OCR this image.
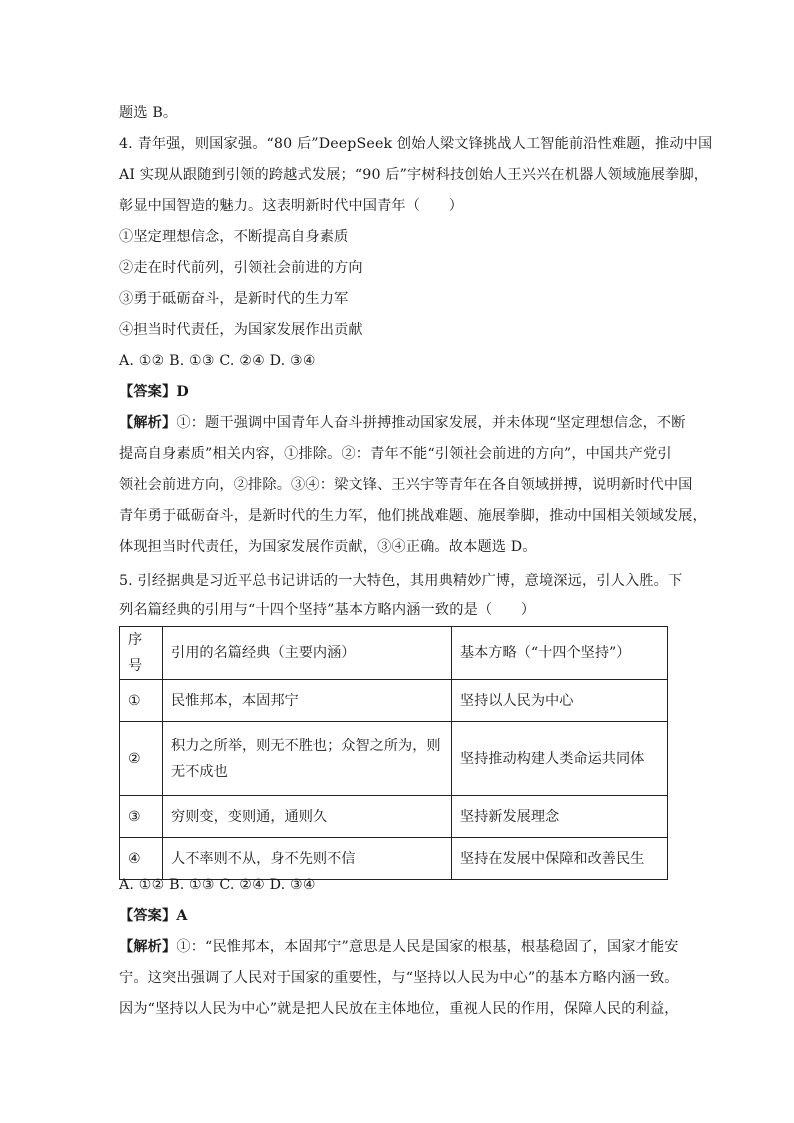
题选 B。
4. 青年强，则国家强。“80 后”DeepSeek 创始人梁文锋挑战人工智能前沿性难题，推动中国
AI 实现从跟随到引领的跨越式发展；“90 后”宇树科技创始人王兴兴在机器人领域施展拳脚，
彰显中国智造的魅力。这表明新时代中国青年（　　）
①坚定理想信念，不断提高自身素质
②走在时代前列，引领社会前进的方向
③勇于砥砺奋斗，是新时代的生力军
④担当时代责任，为国家发展作出贡献
A. ①② B. ①③ C. ②④ D. ③④
【答案】D
【解析】①：题干强调中国青年人奋斗拼搏推动国家发展，并未体现“坚定理想信念，不断
提高自身素质”相关内容，①排除。②：青年不能“引领社会前进的方向”，中国共产党引
领社会前进方向，②排除。③④：梁文锋、王兴宇等青年在各自领域拼搏，说明新时代中国
青年勇于砥砺奋斗，是新时代的生力军，他们挑战难题、施展拳脚，推动中国相关领域发展，
体现担当时代责任，为国家发展作贡献，③④正确。故本题选 D。
5. 引经据典是习近平总书记讲话的一大特色，其用典精妙广博，意境深远，引人入胜。下
列名篇经典的引用与“十四个坚持”基本方略内涵一致的是（　　）
序号	引用的名篇经典（主要内涵）	基本方略（“十四个坚持”）
①	民惟邦本，本固邦宁	坚持以人民为中心
②	积力之所举，则无不胜也；众智之所为，则无不成也	坚持推动构建人类命运共同体
③	穷则变，变则通，通则久	坚持新发展理念
④	人不率则不从，身不先则不信	坚持在发展中保障和改善民生
A. ①② B. ①③ C. ②④ D. ③④
【答案】A
【解析】①：“民惟邦本，本固邦宁”意思是人民是国家的根基，根基稳固了，国家才能安
宁。这突出强调了人民对于国家的重要性，与“坚持以人民为中心”的基本方略内涵一致。
因为“坚持以人民为中心”就是把人民放在主体地位，重视人民的作用，保障人民的利益，
